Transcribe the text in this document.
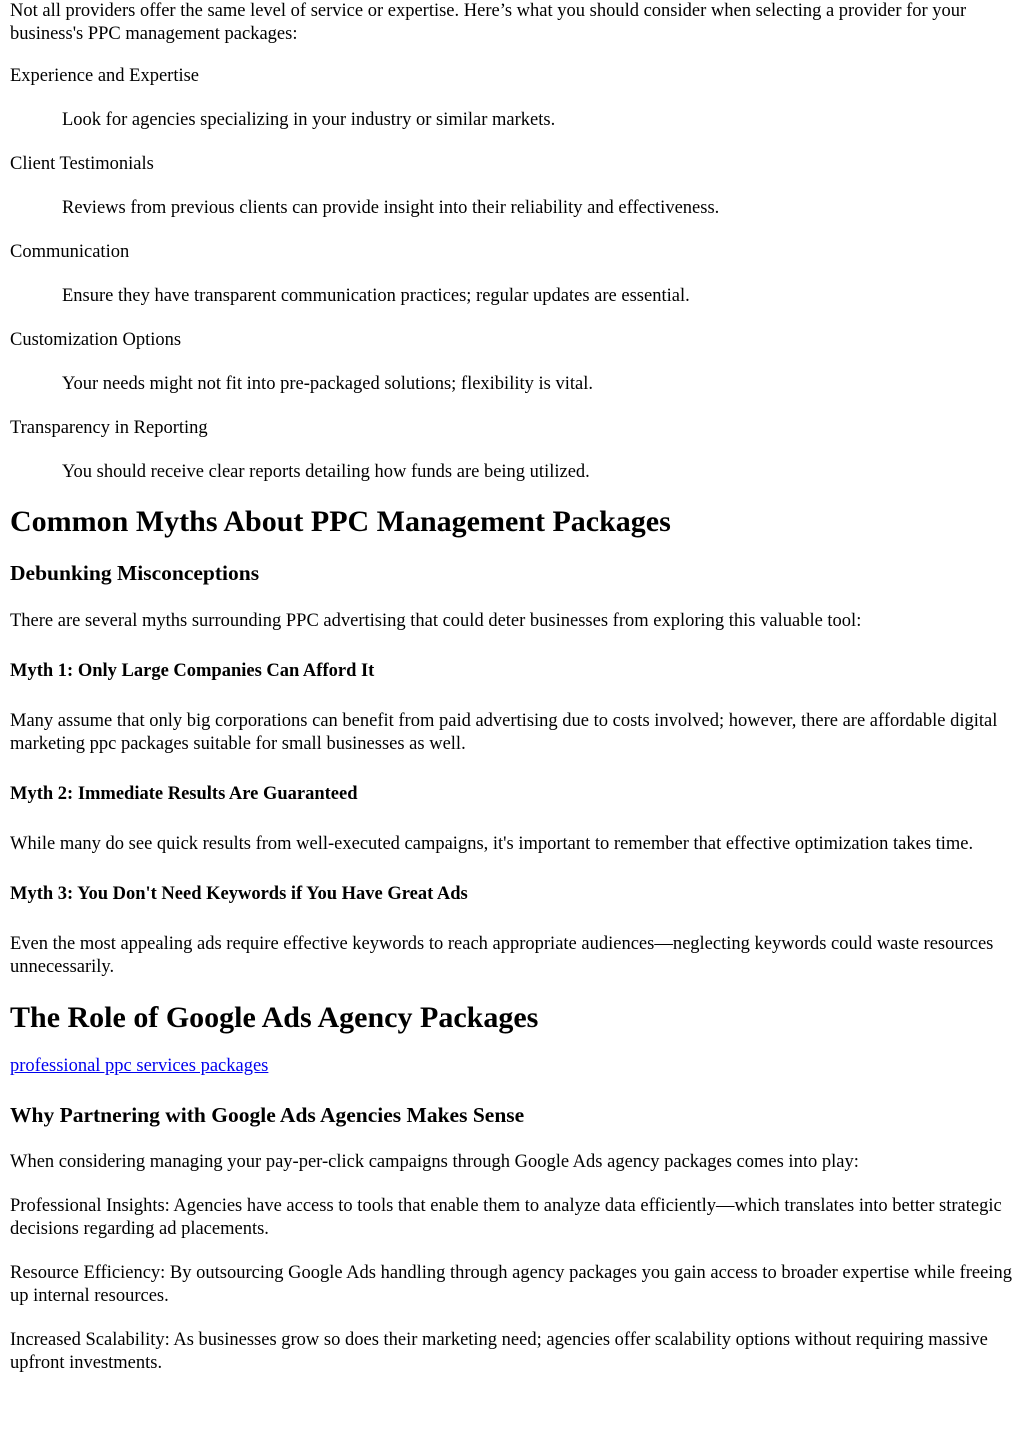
Not all providers offer the same level of service or expertise. Here’s what you should consider when selecting a provider for your business's PPC management packages:

Experience and Expertise
Look for agencies specializing in your industry or similar markets.
Client Testimonials
Reviews from previous clients can provide insight into their reliability and effectiveness.
Communication
Ensure they have transparent communication practices; regular updates are essential.
Customization Options
Your needs might not fit into pre-packaged solutions; flexibility is vital.
Transparency in Reporting
You should receive clear reports detailing how funds are being utilized.
Common Myths About PPC Management Packages
Debunking Misconceptions

There are several myths surrounding PPC advertising that could deter businesses from exploring this valuable tool:

Myth 1: Only Large Companies Can Afford It

Many assume that only big corporations can benefit from paid advertising due to costs involved; however, there are affordable digital marketing ppc packages suitable for small businesses as well.

Myth 2: Immediate Results Are Guaranteed

While many do see quick results from well-executed campaigns, it's important to remember that effective optimization takes time.

Myth 3: You Don't Need Keywords if You Have Great Ads

Even the most appealing ads require effective keywords to reach appropriate audiences—neglecting keywords could waste resources unnecessarily.

The Role of Google Ads Agency Packages

professional ppc services packages

Why Partnering with Google Ads Agencies Makes Sense

When considering managing your pay-per-click campaigns through Google Ads agency packages comes into play:

Professional Insights: Agencies have access to tools that enable them to analyze data efficiently—which translates into better strategic decisions regarding ad placements.

Resource Efficiency: By outsourcing Google Ads handling through agency packages you gain access to broader expertise while freeing up internal resources.

Increased Scalability: As businesses grow so does their marketing need; agencies offer scalability options without requiring massive upfront investments.
